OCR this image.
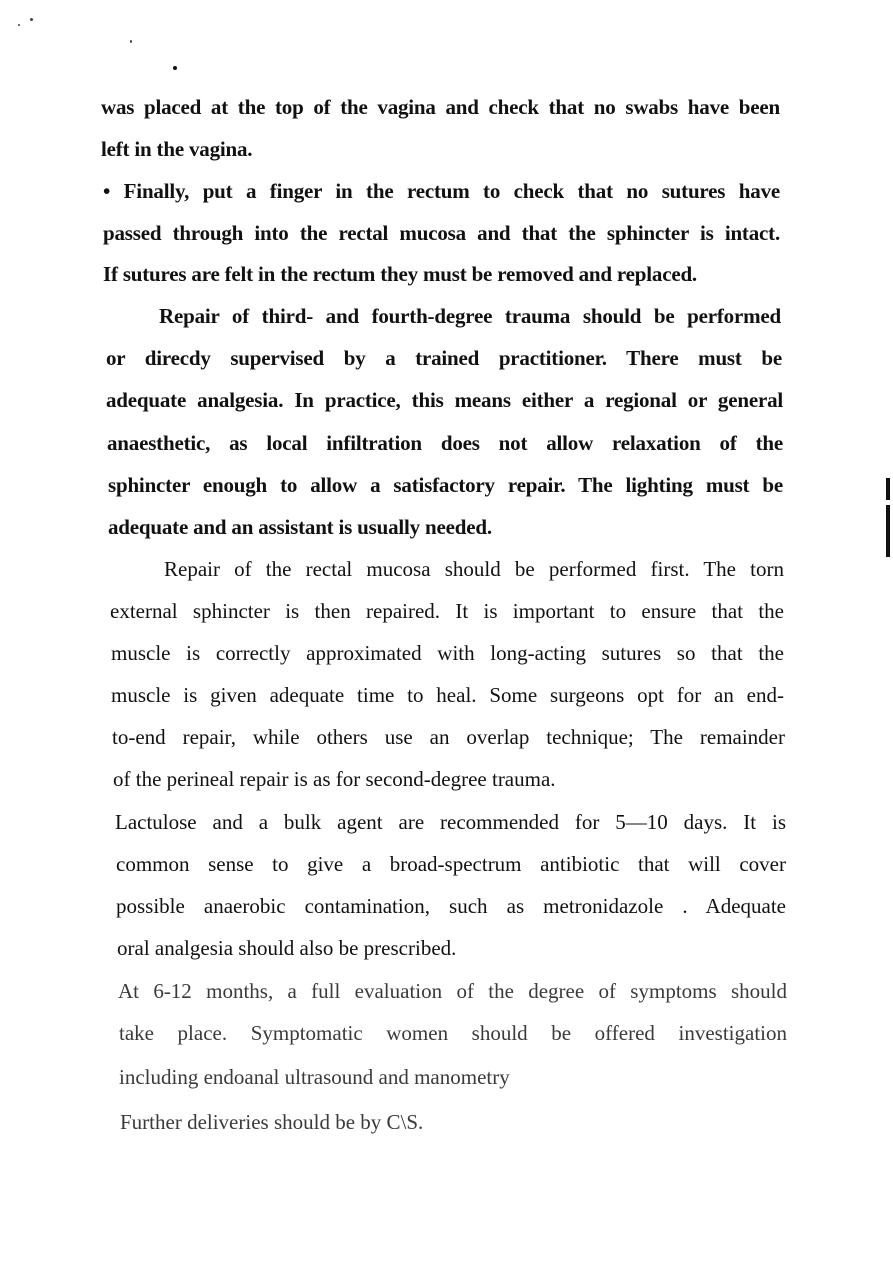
was placed at the top of the vagina and check that no swabs have been
left in the vagina.
• Finally, put a finger in the rectum to check that no sutures have
passed through into the rectal mucosa and that the sphincter is intact.
If sutures are felt in the rectum they must be removed and replaced.
Repair of third- and fourth-degree trauma should be performed
or direcdy supervised by a trained practitioner. There must be
adequate analgesia. In practice, this means either a regional or general
anaesthetic, as local infiltration does not allow relaxation of the
sphincter enough to allow a satisfactory repair. The lighting must be
adequate and an assistant is usually needed.
Repair of the rectal mucosa should be performed first. The torn
external sphincter is then repaired. It is important to ensure that the
muscle is correctly approximated with long-acting sutures so that the
muscle is given adequate time to heal. Some surgeons opt for an end-
to-end repair, while others use an overlap technique; The remainder
of the perineal repair is as for second-degree trauma.
Lactulose and a bulk agent are recommended for 5—10 days. It is
common sense to give a broad-spectrum antibiotic that will cover
possible anaerobic contamination, such as metronidazole . Adequate
oral analgesia should also be prescribed.
At 6-12 months, a full evaluation of the degree of symptoms should
take place. Symptomatic women should be offered investigation
including endoanal ultrasound and manometry
Further deliveries should be by C\S.
